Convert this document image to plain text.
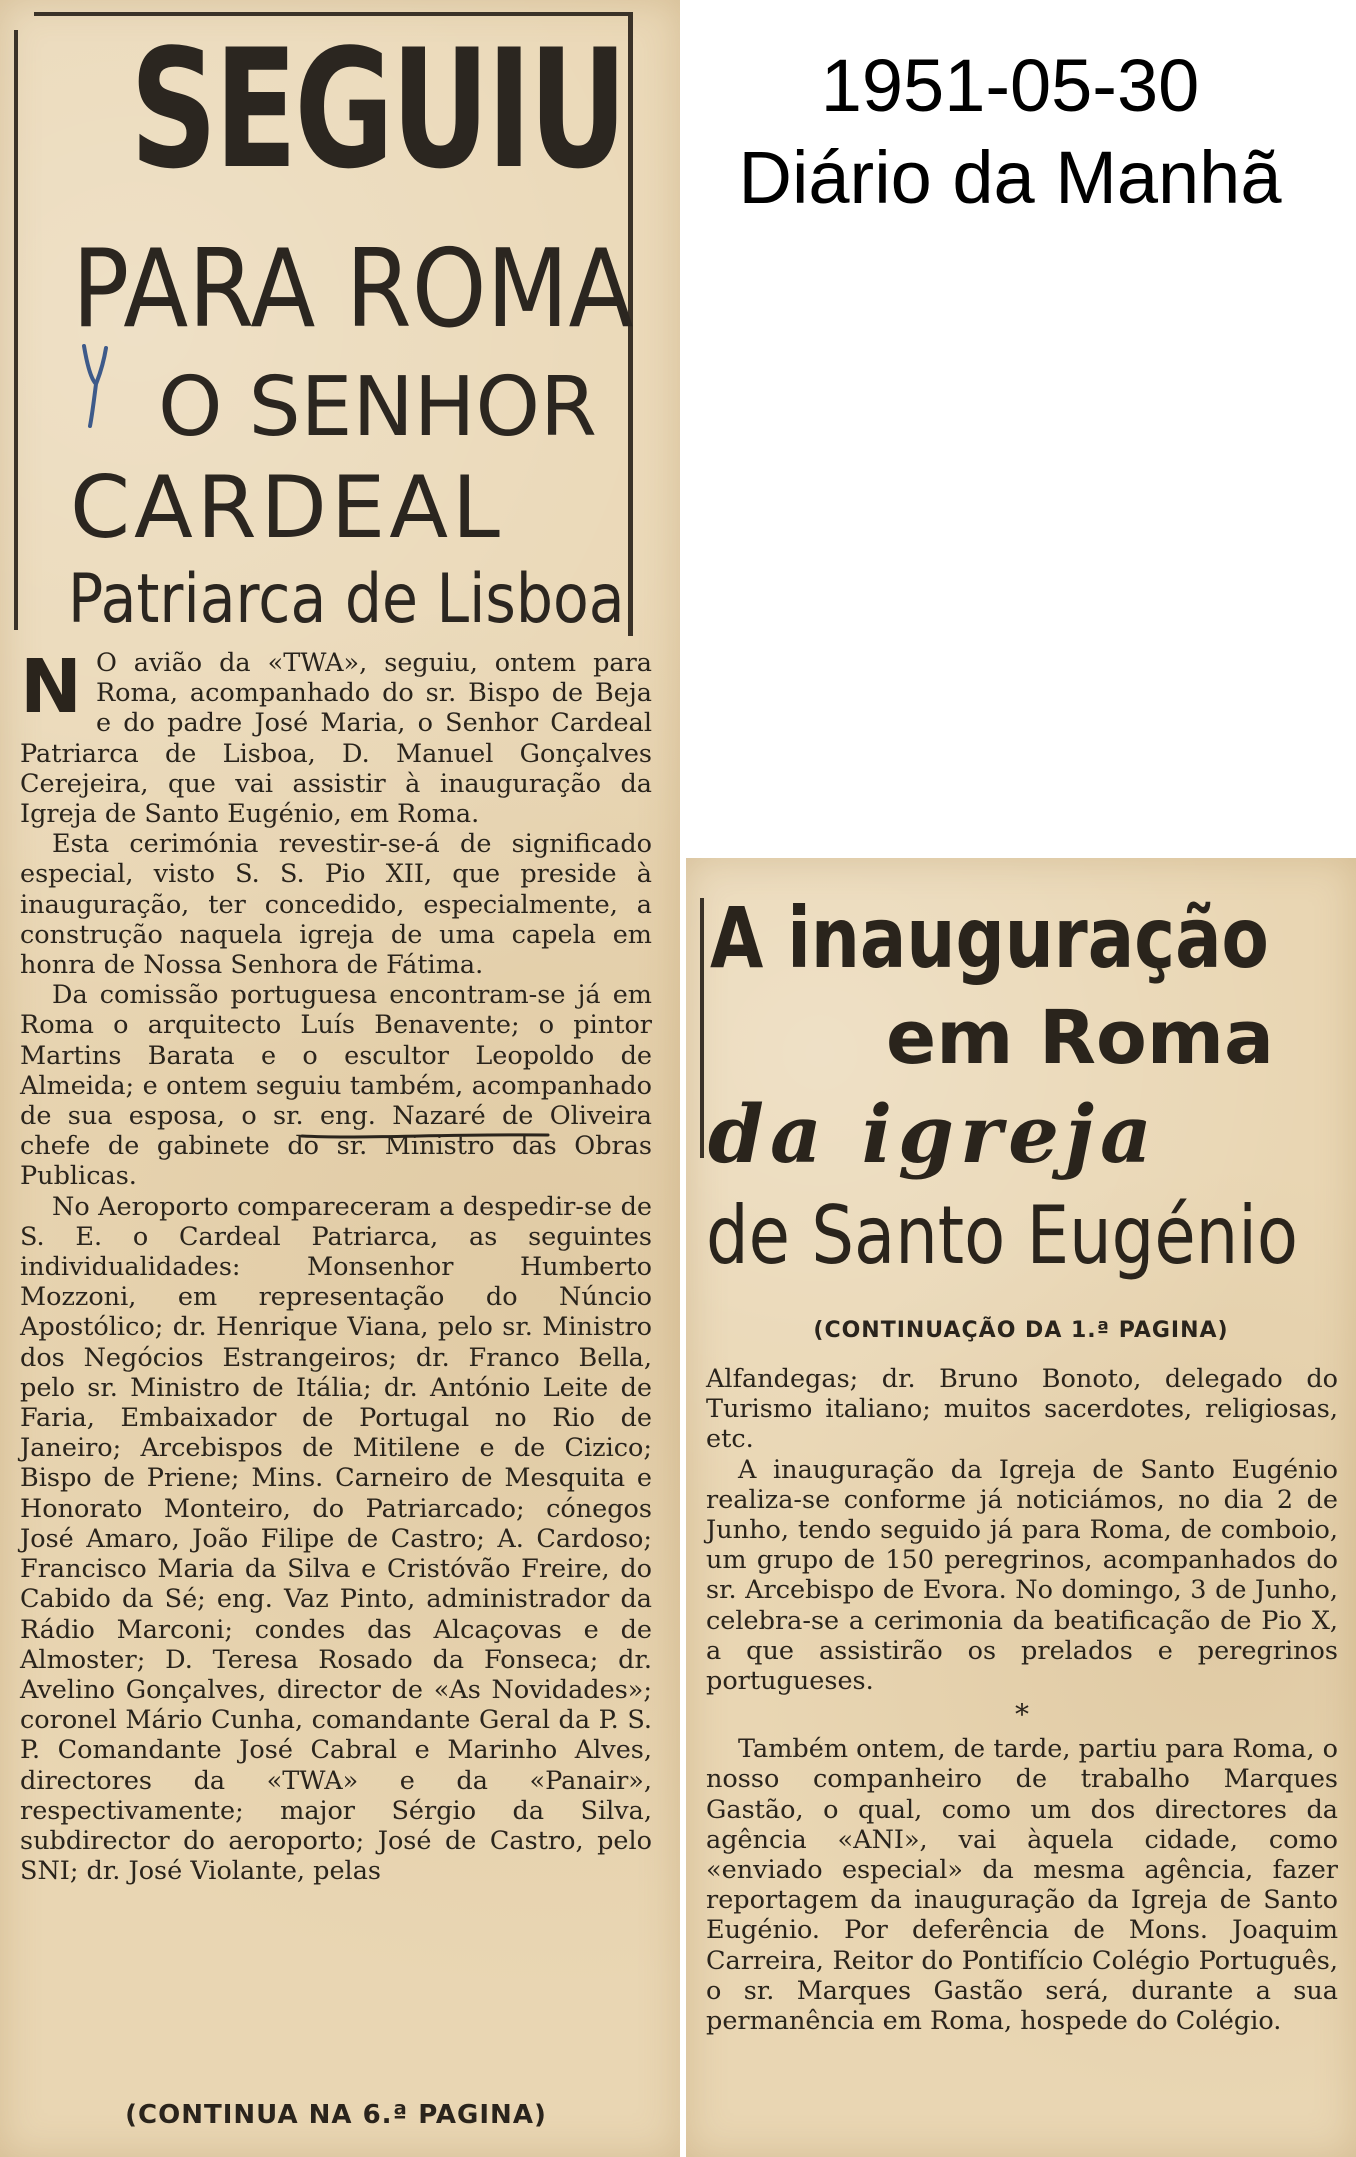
1951-05-30
Diário da Manhã
SEGUIU
PARA ROMA
O SENHOR
CARDEAL
Patriarca de Lisboa
N O avião da «TWA», seguiu, ontem para Roma, acompanhado do sr. Bispo de Beja e do padre José Maria, o Senhor Cardeal Patriarca de Lisboa, D. Manuel Gonçalves Cerejeira, que vai assistir à inauguração da Igreja de Santo Eugénio, em Roma.

Esta cerimónia revestir-se-á de significado especial, visto S. S. Pio XII, que preside à inauguração, ter concedido, especialmente, a construção naquela igreja de uma capela em honra de Nossa Senhora de Fátima.

Da comissão portuguesa encontram-se já em Roma o arquitecto Luís Benavente; o pintor Martins Barata e o escultor Leopoldo de Almeida; e ontem seguiu também, acompanhado de sua esposa, o sr. eng. Nazaré de Oliveira chefe de gabinete do sr. Ministro das Obras Publicas.

No Aeroporto compareceram a despedir-se de S. E. o Cardeal Patriarca, as seguintes individualidades: Monsenhor Humberto Mozzoni, em representação do Núncio Apostólico; dr. Henrique Viana, pelo sr. Ministro dos Negócios Estrangeiros; dr. Franco Bella, pelo sr. Ministro de Itália; dr. António Leite de Faria, Embaixador de Portugal no Rio de Janeiro; Arcebispos de Mitilene e de Cizico; Bispo de Priene; Mins. Carneiro de Mesquita e Honorato Monteiro, do Patriarcado; cónegos José Amaro, João Filipe de Castro; A. Cardoso; Francisco Maria da Silva e Cristóvão Freire, do Cabido da Sé; eng. Vaz Pinto, administrador da Rádio Marconi; condes das Alcaçovas e de Almoster; D. Teresa Rosado da Fonseca; dr. Avelino Gonçalves, director de «As Novidades»; coronel Mário Cunha, comandante Geral da P. S. P. Comandante José Cabral e Marinho Alves, directores da «TWA» e da «Panair», respectivamente; major Sérgio da Silva, subdirector do aeroporto; José de Castro, pelo SNI; dr. José Violante, pelas

(CONTINUA NA 6.ª PAGINA)
A inauguração
em Roma
da igreja
de Santo Eugénio
(CONTINUAÇÃO DA 1.ª PAGINA)

Alfandegas; dr. Bruno Bonoto, delegado do Turismo italiano; muitos sacerdotes, religiosas, etc.

A inauguração da Igreja de Santo Eugénio realiza-se conforme já noticiámos, no dia 2 de Junho, tendo seguido já para Roma, de comboio, um grupo de 150 peregrinos, acompanhados do sr. Arcebispo de Evora. No domingo, 3 de Junho, celebra-se a cerimonia da beatificação de Pio X, a que assistirão os prelados e peregrinos portugueses.

*

Também ontem, de tarde, partiu para Roma, o nosso companheiro de trabalho Marques Gastão, o qual, como um dos directores da agência «ANI», vai àquela cidade, como «enviado especial» da mesma agência, fazer reportagem da inauguração da Igreja de Santo Eugénio. Por deferência de Mons. Joaquim Carreira, Reitor do Pontifício Colégio Português, o sr. Marques Gastão será, durante a sua permanência em Roma, hospede do Colégio.
